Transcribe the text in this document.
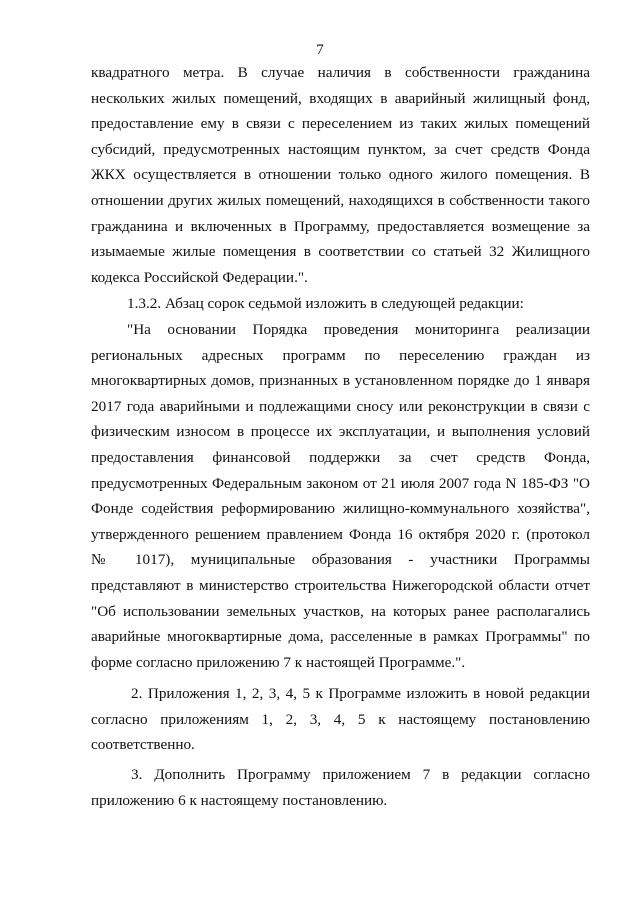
7
квадратного метра. В случае наличия в собственности гражданина
нескольких жилых помещений, входящих в аварийный жилищный фонд,
предоставление ему в связи с переселением из таких жилых помещений
субсидий, предусмотренных настоящим пунктом, за счет средств Фонда
ЖКХ осуществляется в отношении только одного жилого помещения. В
отношении других жилых помещений, находящихся в собственности такого
гражданина и включенных в Программу, предоставляется возмещение за
изымаемые жилые помещения в соответствии со статьей 32 Жилищного
кодекса Российской Федерации.".
1.3.2. Абзац сорок седьмой изложить в следующей редакции:
"На основании Порядка проведения мониторинга реализации
региональных адресных программ по переселению граждан из
многоквартирных домов, признанных в установленном порядке до 1 января
2017 года аварийными и подлежащими сносу или реконструкции в связи с
физическим износом в процессе их эксплуатации, и выполнения условий
предоставления финансовой поддержки за счет средств Фонда,
предусмотренных Федеральным законом от 21 июля 2007 года N 185-ФЗ "О
Фонде содействия реформированию жилищно-коммунального хозяйства",
утвержденного решением правлением Фонда 16 октября 2020 г. (протокол
№ 1017), муниципальные образования - участники Программы
представляют в министерство строительства Нижегородской области отчет
"Об использовании земельных участков, на которых ранее располагались
аварийные многоквартирные дома, расселенные в рамках Программы" по
форме согласно приложению 7 к настоящей Программе.".
2. Приложения 1, 2, 3, 4, 5 к Программе изложить в новой редакции
согласно приложениям 1, 2, 3, 4, 5 к настоящему постановлению
соответственно.
3. Дополнить Программу приложением 7 в редакции согласно
приложению 6 к настоящему постановлению.
